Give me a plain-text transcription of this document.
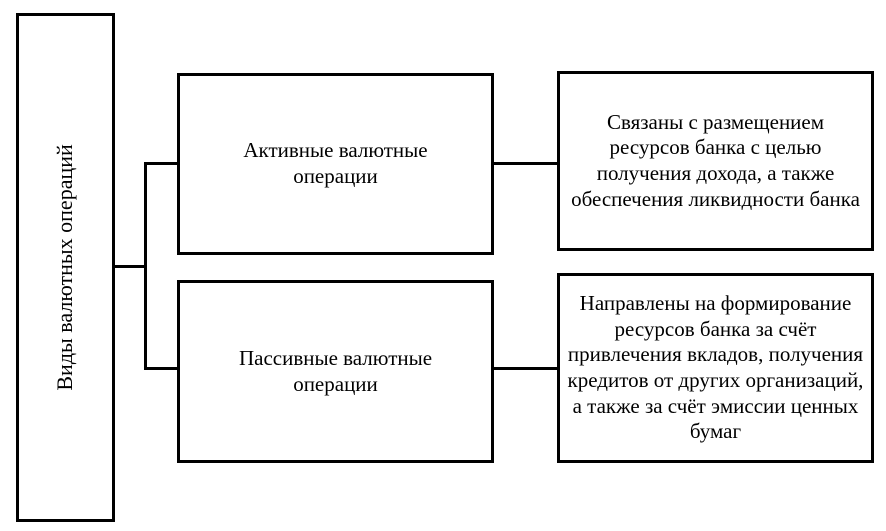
Виды валютных операций	Активные валютные операции
Связаны с размещением ресурсов банка с целью получения дохода, а также обеспечения ликвидности банка
Пассивные валютные операции
Направлены на формирование ресурсов банка за счёт привлечения вкладов, получения кредитов от других организаций, а также за счёт эмиссии ценных бумаг
